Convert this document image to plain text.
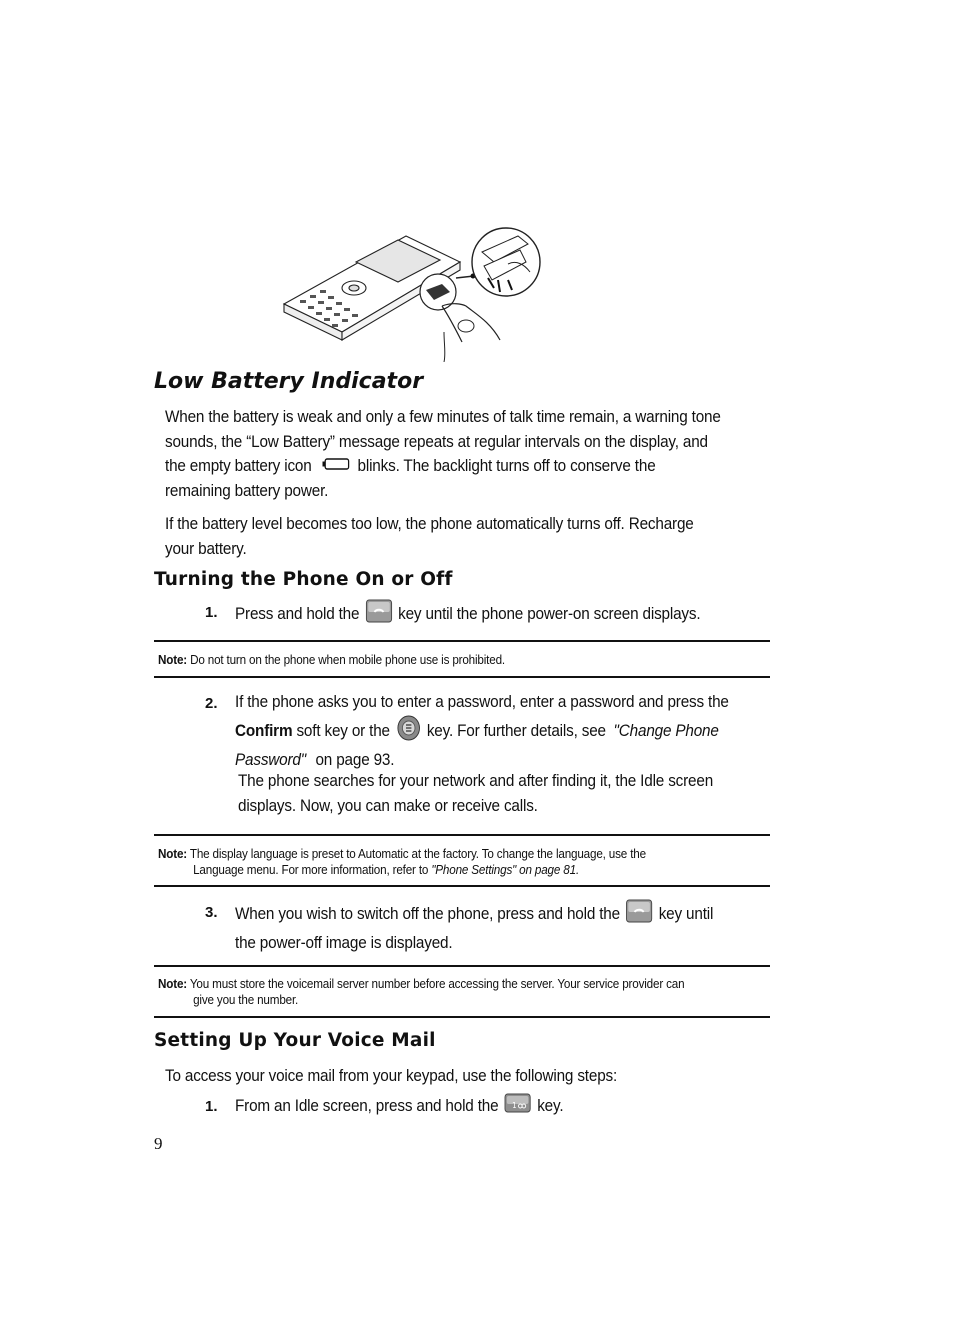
Low Battery Indicator
When the battery is weak and only a few minutes of talk time remain, a warning tone
sounds, the “Low Battery” message repeats at regular intervals on the display, and
the empty battery icon	blinks. The backlight turns off to conserve the
remaining battery power.
If the battery level becomes too low, the phone automatically turns off. Recharge
your battery.
Turning the Phone On or Off
1. Press and hold the key until the phone power-on screen displays.
Note: Do not turn on the phone when mobile phone use is prohibited.
2. If the phone asks you to enter a password, enter a password and press the
Confirm soft key or the key. For further details, see "Change Phone
Password" on page 93.
The phone searches for your network and after finding it, the Idle screen
displays. Now, you can make or receive calls.
Note: The display language is preset to Automatic at the factory. To change the language, use the
Language menu. For more information, refer to "Phone Settings" on page 81.
3. When you wish to switch off the phone, press and hold the key until
the power-off image is displayed.
Note: You must store the voicemail server number before accessing the server. Your service provider can
give you the number.
Setting Up Your Voice Mail
To access your voice mail from your keypad, use the following steps:
1. From an Idle screen, press and hold the 1 key.
9
